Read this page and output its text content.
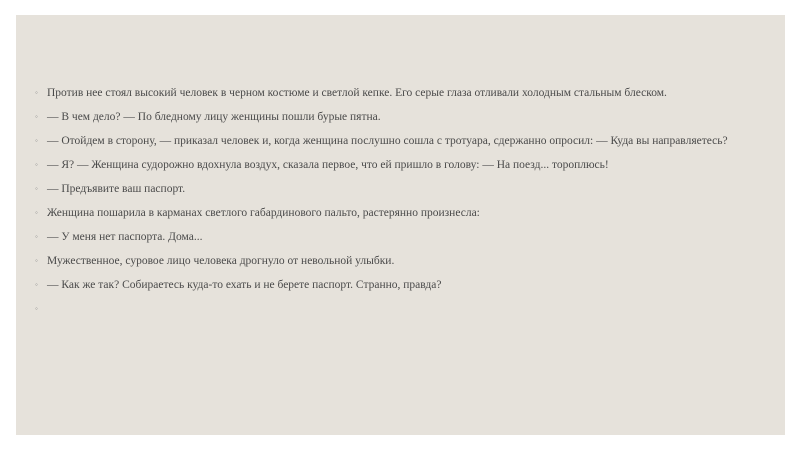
◦ Против нее стоял высокий человек в черном костюме и светлой кепке. Его серые глаза отливали холодным стальным блеском.
◦ — В чем дело? — По бледному лицу женщины пошли бурые пятна.
◦ — Отойдем в сторону, — приказал человек и, когда женщина послушно сошла с тротуара, сдержанно опросил: — Куда вы направляетесь?
◦ — Я? — Женщина судорожно вдохнула воздух, сказала первое, что ей пришло в голову: — На поезд... тороплюсь!
◦ — Предъявите ваш паспорт.
◦ Женщина пошарила в карманах светлого габардинового пальто, растерянно произнесла:
◦ — У меня нет паспорта. Дома...
◦ Мужественное, суровое лицо человека дрогнуло от невольной улыбки.
◦ — Как же так? Собираетесь куда-то ехать и не берете паспорт. Странно, правда?
◦
